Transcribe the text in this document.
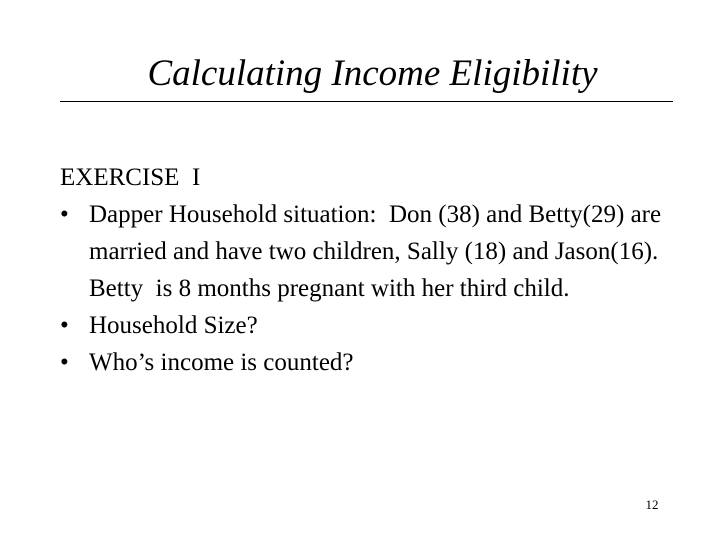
Calculating Income Eligibility
EXERCISE  I
• Dapper Household situation:  Don (38) and Betty(29) are married and have two children, Sally (18) and Jason(16).  Betty  is 8 months pregnant with her third child.
• Household Size?
• Who’s income is counted?
12
